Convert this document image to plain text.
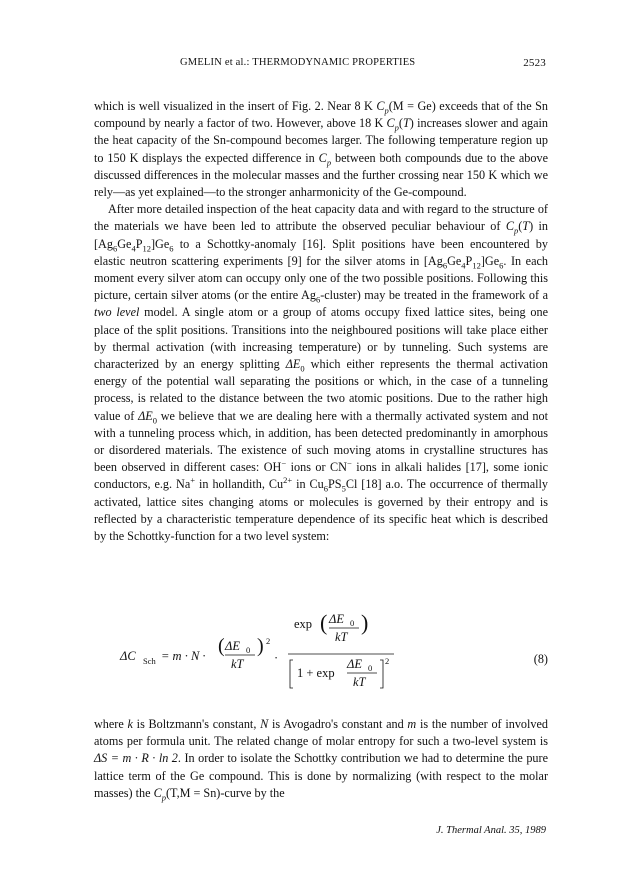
GMELIN et al.: THERMODYNAMIC PROPERTIES	2523

which is well visualized in the insert of Fig. 2. Near 8 K $C_p(M = Ge)$ exceeds that of the Sn compound by nearly a factor of two. However, above 18 K $C_p(T)$ increases slower and again the heat capacity of the Sn-compound becomes larger. The following temperature region up to 150 K displays the expected difference in $C_p$ between both compounds due to the above discussed differences in the molecular masses and the further crossing near 150 K which we rely—as yet explained—to the stronger anharmonicity of the Ge-compound.

After more detailed inspection of the heat capacity data and with regard to the structure of the materials we have been led to attribute the observed peculiar behaviour of $C_p(T)$ in $[Ag_6Ge_4P_{12}]Ge_6$ to a Schottky-anomaly [16]. Split positions have been encountered by elastic neutron scattering experiments [9] for the silver atoms in $[Ag_6Ge_4P_{12}]Ge_6$. In each moment every silver atom can occupy only one of the two possible positions. Following this picture, certain silver atoms (or the entire $Ag_6-cluster$) may be treated in the framework of a two level model. A single atom or a group of atoms occupy fixed lattice sites, being one place of the split positions. Transitions into the neighboured positions will take place either by thermal activation (with increasing temperature) or by tunneling. Such systems are characterized by an energy splitting $\Delta E_0$ which either represents the thermal activation energy of the potential wall separating the positions or which, in the case of a tunneling process, is related to the distance between the two atomic positions. Due to the rather high value of $\Delta E_0$ we believe that we are dealing here with a thermally activated system and not with a tunneling process which, in addition, has been detected predominantly in amorphous or disordered materials. The existence of such moving atoms in crystalline structures has been observed in different cases: OH− ions or CN− ions in alkali halides [17], some ionic conductors, e.g. Na+ in hollandith, $Cu^{2+}$ in $Cu_6PS_5Cl$ [18] a.o. The occurrence of thermally activated, lattice sites changing atoms or molecules is governed by their entropy and is reflected by a characteristic temperature dependence of its specific heat which is described by the Schottky-function for a two level system:

ΔC Sch = m · N · ( ΔE 0
kT
) 2
·
exp ( ΔE 0
kT
)
1 + exp
ΔE 0
kT
2	(8)

where k is Boltzmann's constant, N is Avogadro's constant and m is the number of involved atoms per formula unit. The related change of molar entropy for such a two-level system is ΔS = m · R · ln 2. In order to isolate the Schottky contribution we had to determine the pure lattice term of the Ge compound. This is done by normalizing (with respect to the molar masses) the $C_p(T,M$ = Sn)-curve by the

J. Thermal Anal. 35, 1989
